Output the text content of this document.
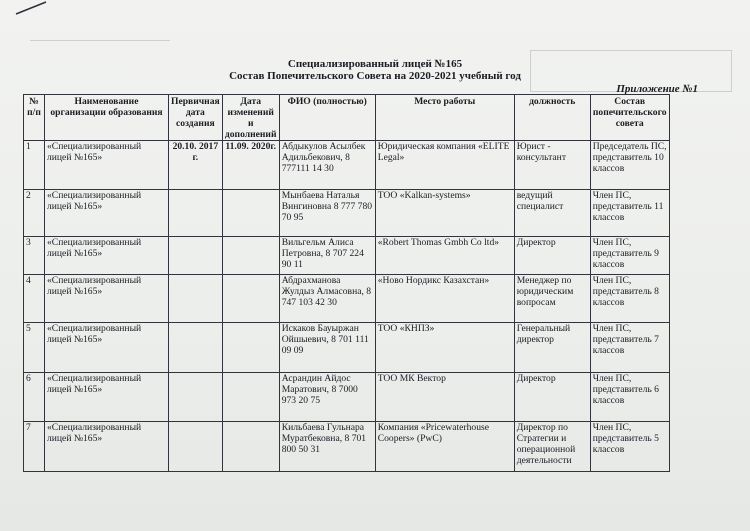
Специализированный лицей №165
Состав Попечительского Совета на 2020-2021 учебный год
Приложение №1
№ п/п	Наименование организации образования	Первичная дата создания	Дата изменений и дополнений	ФИО (полностью)	Место работы	должность	Состав попечительского совета
1	«Специализированный лицей №165»	20.10. 2017 г.	11.09. 2020г.	Абдыкулов Асылбек Адильбекович, 8 777111 14 30	Юридическая компания «ELITE Legal»	Юрист - консультант	Председатель ПС, представитель 10 классов
2	«Специализированный лицей №165»			Мынбаева Наталья Вингиновна 8 777 780 70 95	ТОО «Kalkan-systems»	ведущий специалист	Член ПС, представитель 11 классов
3	«Специализированный лицей №165»			Вильгельм Алиса Петровна, 8 707 224 90 11	«Robert Thomas Gmbh Co ltd»	Директор	Член ПС, представитель 9 классов
4	«Специализированный лицей №165»			Абдрахманова Жулдыз Алмасовна, 8 747 103 42 30	«Ново Нордикс Казахстан»	Менеджер по юридическим вопросам	Член ПС, представитель 8 классов
5	«Специализированный лицей №165»			Искаков Бауыржан Ойшыевич, 8 701 111 09 09	ТОО «КНПЗ»	Генеральный директор	Член ПС, представитель 7 классов
6	«Специализированный лицей №165»			Асрандин Айдос Маратович, 8 7000 973 20 75	ТОО МК Вектор	Директор	Член ПС, представитель 6 классов
7	«Специализированный лицей №165»			Кильбаева Гульнара Муратбековна, 8 701 800 50 31	Компания «Pricewaterhouse Coopers» (PwC)	Директор по Стратегии и операционной деятельности	Член ПС, представитель 5 классов
